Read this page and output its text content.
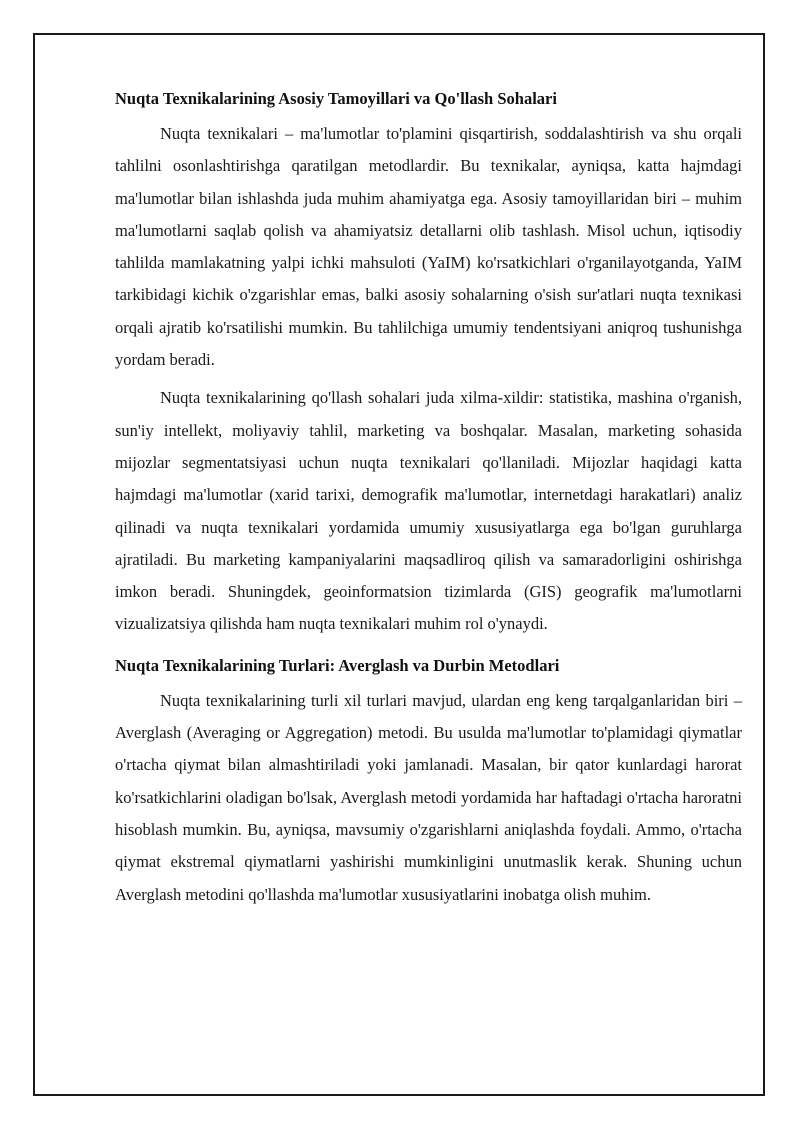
Nuqta Texnikalarining Asosiy Tamoyillari va Qo'llash Sohalari

Nuqta texnikalari – ma'lumotlar to'plamini qisqartirish, soddalashtirish va shu orqali tahlilni osonlashtirishga qaratilgan metodlardir. Bu texnikalar, ayniqsa, katta hajmdagi ma'lumotlar bilan ishlashda juda muhim ahamiyatga ega. Asosiy tamoyillaridan biri – muhim ma'lumotlarni saqlab qolish va ahamiyatsiz detallarni olib tashlash. Misol uchun, iqtisodiy tahlilda mamlakatning yalpi ichki mahsuloti (YaIM) ko'rsatkichlari o'rganilayotganda, YaIM tarkibidagi kichik o'zgarishlar emas, balki asosiy sohalarning o'sish sur'atlari nuqta texnikasi orqali ajratib ko'rsatilishi mumkin. Bu tahlilchiga umumiy tendentsiyani aniqroq tushunishga yordam beradi.

Nuqta texnikalarining qo'llash sohalari juda xilma-xildir: statistika, mashina o'rganish, sun'iy intellekt, moliyaviy tahlil, marketing va boshqalar. Masalan, marketing sohasida mijozlar segmentatsiyasi uchun nuqta texnikalari qo'llaniladi. Mijozlar haqidagi katta hajmdagi ma'lumotlar (xarid tarixi, demografik ma'lumotlar, internetdagi harakatlari) analiz qilinadi va nuqta texnikalari yordamida umumiy xususiyatlarga ega bo'lgan guruhlarga ajratiladi. Bu marketing kampaniyalarini maqsadliroq qilish va samaradorligini oshirishga imkon beradi. Shuningdek, geoinformatsion tizimlarda (GIS) geografik ma'lumotlarni vizualizatsiya qilishda ham nuqta texnikalari muhim rol o'ynaydi.

Nuqta Texnikalarining Turlari: Averglash va Durbin Metodlari

Nuqta texnikalarining turli xil turlari mavjud, ulardan eng keng tarqalganlaridan biri – Averglash (Averaging or Aggregation) metodi. Bu usulda ma'lumotlar to'plamidagi qiymatlar o'rtacha qiymat bilan almashtiriladi yoki jamlanadi. Masalan, bir qator kunlardagi harorat ko'rsatkichlarini oladigan bo'lsak, Averglash metodi yordamida har haftadagi o'rtacha haroratni hisoblash mumkin. Bu, ayniqsa, mavsumiy o'zgarishlarni aniqlashda foydali. Ammo, o'rtacha qiymat ekstremal qiymatlarni yashirishi mumkinligini unutmaslik kerak. Shuning uchun Averglash metodini qo'llashda ma'lumotlar xususiyatlarini inobatga olish muhim.
